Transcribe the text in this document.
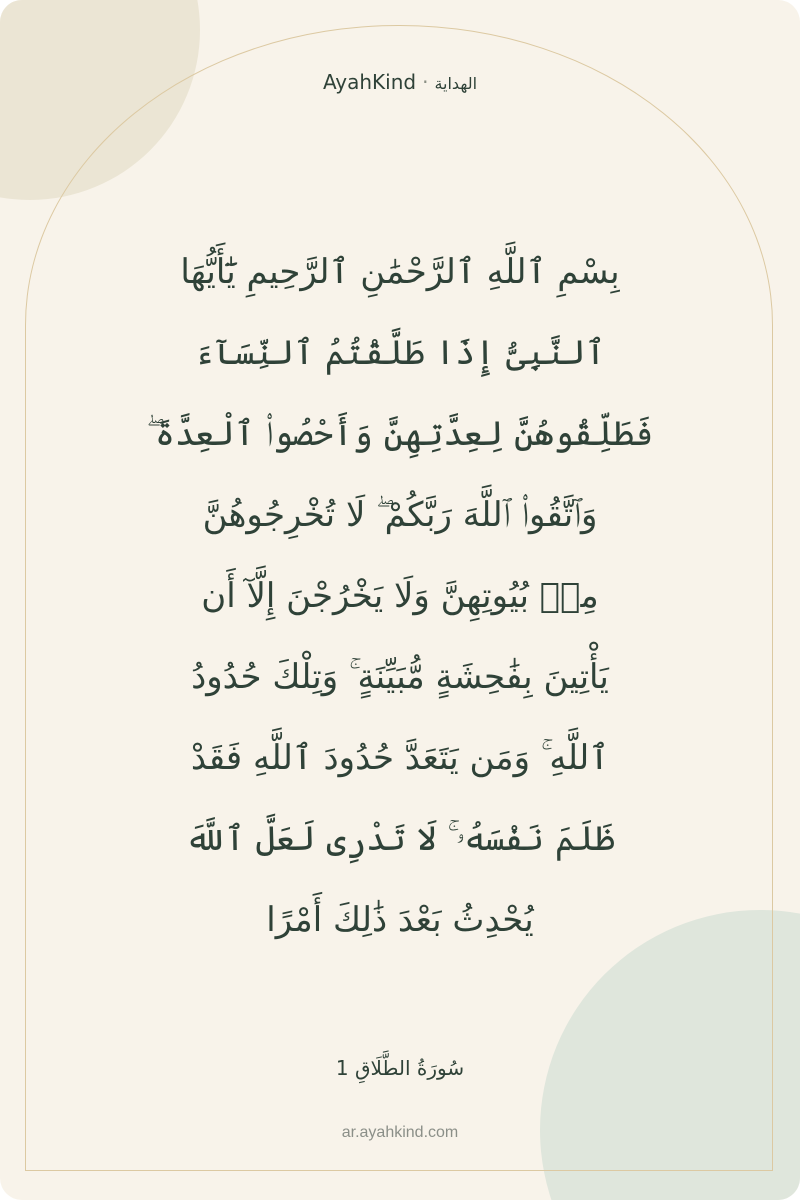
AyahKind · الهداية

بِسْمِ ٱللَّهِ ٱلرَّحْمَٰنِ ٱلرَّحِيمِ يَٰٓأَيُّهَا
ٱلنَّبِىُّ إِذَا طَلَّقْتُمُ ٱلنِّسَآءَ
فَطَلِّقُوهُنَّ لِعِدَّتِهِنَّ وَأَحْصُوا۟ ٱلْعِدَّةَ ۖ
وَٱتَّقُوا۟ ٱللَّهَ رَبَّكُمْ ۖ لَا تُخْرِجُوهُنَّ
مِنۢ بُيُوتِهِنَّ وَلَا يَخْرُجْنَ إِلَّآ أَن
يَأْتِينَ بِفَٰحِشَةٍ مُّبَيِّنَةٍ ۚ وَتِلْكَ حُدُودُ
ٱللَّهِ ۚ وَمَن يَتَعَدَّ حُدُودَ ٱللَّهِ فَقَدْ
ظَلَمَ نَفْسَهُۥ ۚ لَا تَدْرِى لَعَلَّ ٱللَّهَ
يُحْدِثُ بَعْدَ ذَٰلِكَ أَمْرًا

سُورَةُ الطَّلَاقِ 1
ar.ayahkind.com
